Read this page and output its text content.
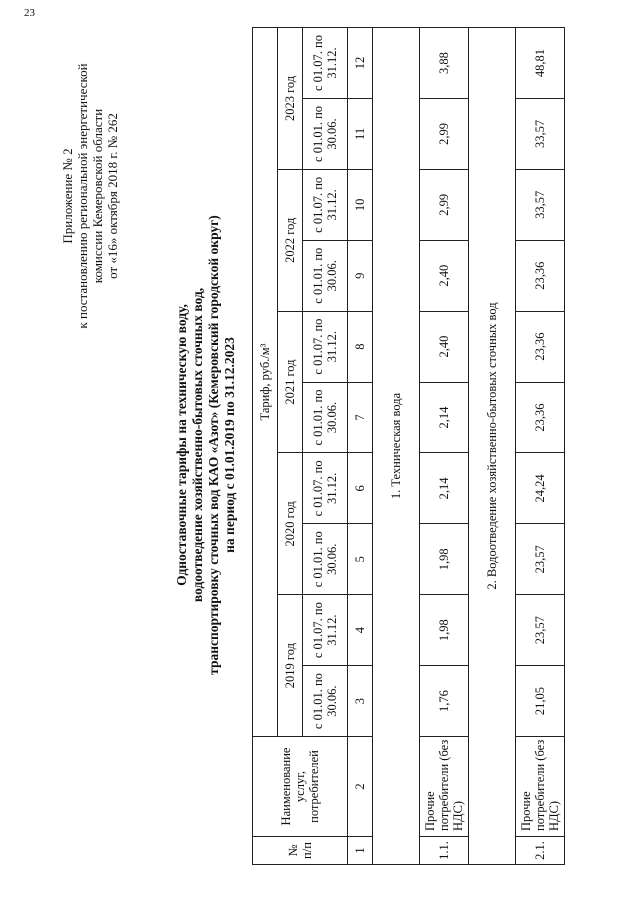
23
Приложение № 2 к постановлению региональной энергетической комиссии Кемеровской области от «16» октября 2018 г. № 262
Одноставочные тарифы на техническую воду, водоотведение хозяйственно-бытовых сточных вод, транспортировку сточных вод КАО «Азот» (Кемеровский городской округ) на период с 01.01.2019 по 31.12.2023
№ п/п	Наименование услуг, потребителей	Тариф, руб./м³									
		2019 год		2020 год		2021 год		2022 год		2023 год	
		с 01.01. по 30.06.	с 01.07. по 31.12.	с 01.01. по 30.06.	с 01.07. по 31.12.	с 01.01. по 30.06.	с 01.07. по 31.12.	с 01.01. по 30.06.	с 01.07. по 31.12.	с 01.01. по 30.06.	с 01.07. по 31.12.
1	2	3	4	5	6	7	8	9	10	11	12
1. Техническая вода											
1.1.	Прочие потребители (без НДС)	1,76	1,98	1,98	2,14	2,14	2,40	2,40	2,99	2,99	3,88
2. Водоотведение хозяйственно-бытовых сточных вод											
2.1.	Прочие потребители (без НДС)	21,05	23,57	23,57	24,24	23,36	23,36	23,36	33,57	33,57	48,81
